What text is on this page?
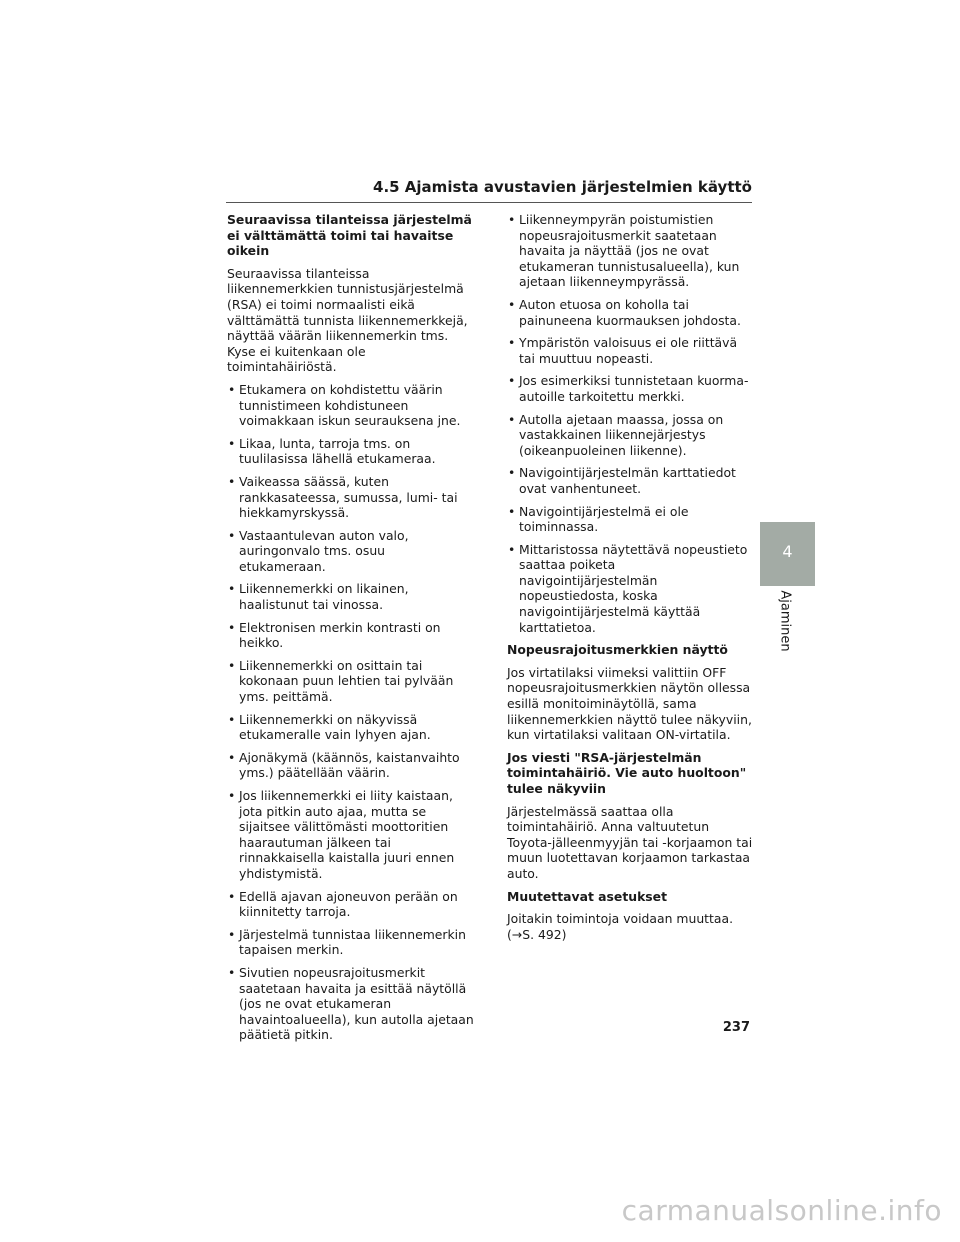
4.5 Ajamista avustavien järjestelmien käyttö
Seuraavissa tilanteissa järjestelmä ei välttämättä toimi tai havaitse oikein
Seuraavissa tilanteissa liikennemerkkien tunnistusjärjestelmä (RSA) ei toimi normaalisti eikä välttämättä tunnista liikennemerkkejä, näyttää väärän liikennemerkin tms. Kyse ei kuitenkaan ole toimintahäiriöstä.
• Etukamera on kohdistettu väärin tunnistimeen kohdistuneen voimakkaan iskun seurauksena jne.
• Likaa, lunta, tarroja tms. on tuulilasissa lähellä etukameraa.
• Vaikeassa säässä, kuten rankkasateessa, sumussa, lumi- tai hiekkamyrskyssä.
• Vastaantulevan auton valo, auringonvalo tms. osuu etukameraan.
• Liikennemerkki on likainen, haalistunut tai vinossa.
• Elektronisen merkin kontrasti on heikko.
• Liikennemerkki on osittain tai kokonaan puun lehtien tai pylvään yms. peittämä.
• Liikennemerkki on näkyvissä etukameralle vain lyhyen ajan.
• Ajonäkymä (käännös, kaistanvaihto yms.) päätellään väärin.
• Jos liikennemerkki ei liity kaistaan, jota pitkin auto ajaa, mutta se sijaitsee välittömästi moottoritien haarautuman jälkeen tai rinnakkaisella kaistalla juuri ennen yhdistymistä.
• Edellä ajavan ajoneuvon perään on kiinnitetty tarroja.
• Järjestelmä tunnistaa liikennemerkin tapaisen merkin.
• Sivutien nopeusrajoitusmerkit saatetaan havaita ja esittää näytöllä (jos ne ovat etukameran havaintoalueella), kun autolla ajetaan päätietä pitkin.
• Liikenneympyrän poistumistien nopeusrajoitusmerkit saatetaan havaita ja näyttää (jos ne ovat etukameran tunnistusalueella), kun ajetaan liikenneympyrässä.
• Auton etuosa on koholla tai painuneena kuormauksen johdosta.
• Ympäristön valoisuus ei ole riittävä tai muuttuu nopeasti.
• Jos esimerkiksi tunnistetaan kuorma-autoille tarkoitettu merkki.
• Autolla ajetaan maassa, jossa on vastakkainen liikennejärjestys (oikeanpuoleinen liikenne).
• Navigointijärjestelmän karttatiedot ovat vanhentuneet.
• Navigointijärjestelmä ei ole toiminnassa.
• Mittaristossa näytettävä nopeustieto saattaa poiketa navigointijärjestelmän nopeustiedosta, koska navigointijärjestelmä käyttää karttatietoa.
Nopeusrajoitusmerkkien näyttö
Jos virtatilaksi viimeksi valittiin OFF nopeusrajoitusmerkkien näytön ollessa esillä monitoiminäytöllä, sama liikennemerkkien näyttö tulee näkyviin, kun virtatilaksi valitaan ON-virtatila.
Jos viesti "RSA-järjestelmän toimintahäiriö. Vie auto huoltoon" tulee näkyviin
Järjestelmässä saattaa olla toimintahäiriö. Anna valtuutetun Toyota-jälleenmyyjän tai -korjaamon tai muun luotettavan korjaamon tarkastaa auto.
Muutettavat asetukset
Joitakin toimintoja voidaan muuttaa. (→S. 492)
4
Ajaminen
237
carmanualsonline.info
